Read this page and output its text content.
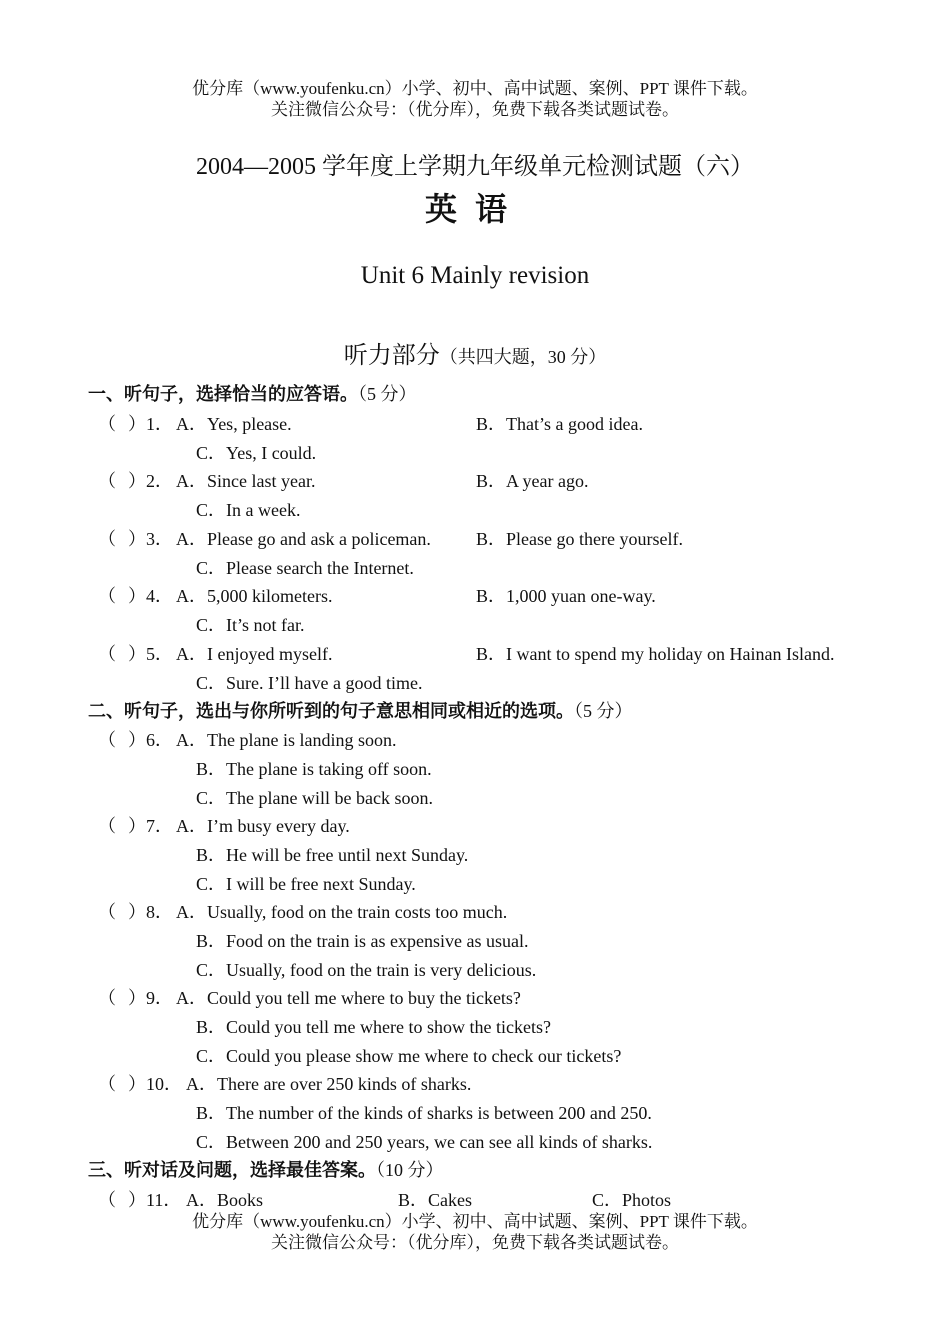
优分库（www.youfenku.cn）小学、初中、高中试题、案例、PPT 课件下载。
关注微信公众号：（优分库），免费下载各类试题试卷。
2004—2005 学年度上学期九年级单元检测试题（六）
英语
Unit 6 Mainly revision
听力部分（共四大题，30 分）
一、听句子，选择恰当的应答语。（5 分）
（ ）1． A．Yes, please.	B．That’s a good idea.
C．Yes, I could.
（ ）2． A．Since last year.	B．A year ago.
C．In a week.
（ ）3． A．Please go and ask a policeman.	B．Please go there yourself.
C．Please search the Internet.
（ ）4． A．5,000 kilometers.	B．1,000 yuan one-way.
C．It’s not far.
（ ）5． A．I enjoyed myself.	B．I want to spend my holiday on Hainan Island.
C．Sure. I’ll have a good time.
二、听句子，选出与你所听到的句子意思相同或相近的选项。（5 分）
（ ）6． A．The plane is landing soon.
B．The plane is taking off soon.
C．The plane will be back soon.
（ ）7． A．I’m busy every day.
B．He will be free until next Sunday.
C．I will be free next Sunday.
（ ）8． A．Usually, food on the train costs too much.
B．Food on the train is as expensive as usual.
C．Usually, food on the train is very delicious.
（ ）9． A．Could you tell me where to buy the tickets?
B．Could you tell me where to show the tickets?
C．Could you please show me where to check our tickets?
（ ）10． A．There are over 250 kinds of sharks.
B．The number of the kinds of sharks is between 200 and 250.
C．Between 200 and 250 years, we can see all kinds of sharks.
三、听对话及问题，选择最佳答案。（10 分）
（ ）11． A．Books	B．Cakes	C．Photos
优分库（www.youfenku.cn）小学、初中、高中试题、案例、PPT 课件下载。
关注微信公众号：（优分库），免费下载各类试题试卷。
